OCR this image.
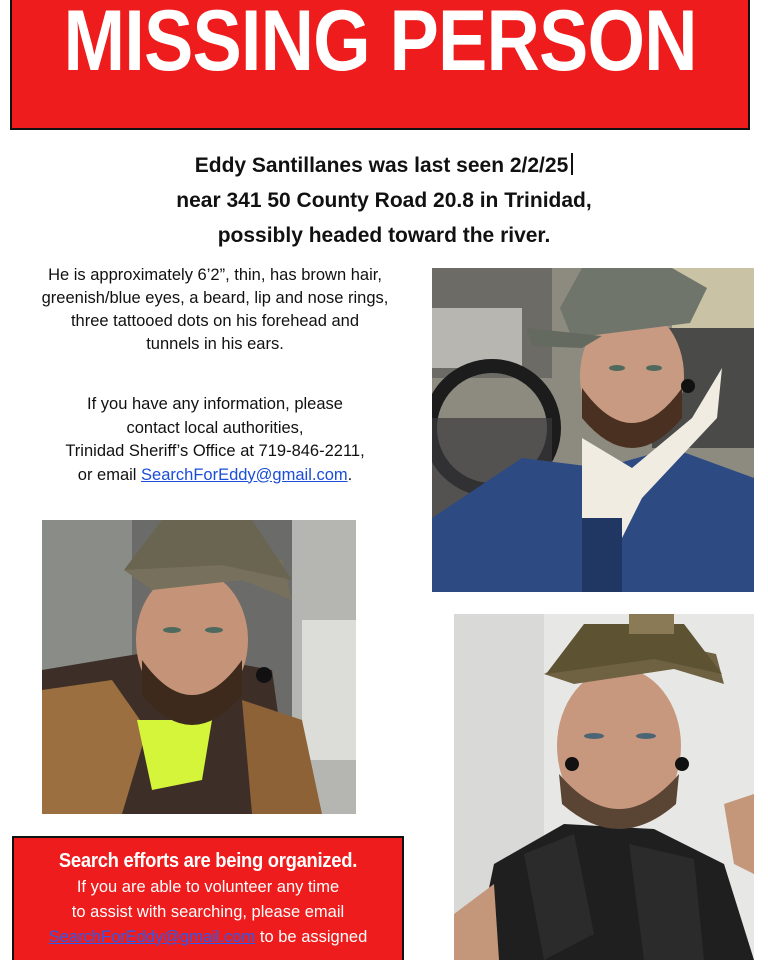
MISSING PERSON
Eddy Santillanes was last seen 2/2/25
near 341 50 County Road 20.8 in Trinidad,
possibly headed toward the river.

He is approximately 6’2”, thin, has brown hair,

greenish/blue eyes, a beard, lip and nose rings,

three tattooed dots on his forehead and

tunnels in his ears.

If you have any information, please

contact local authorities,

Trinidad Sheriff’s Office at 719-846-2211,

or email SearchForEddy@gmail.com.

Search efforts are being organized.
If you are able to volunteer any time
to assist with searching, please email
SearchForEddy@gmail.com to be assigned
